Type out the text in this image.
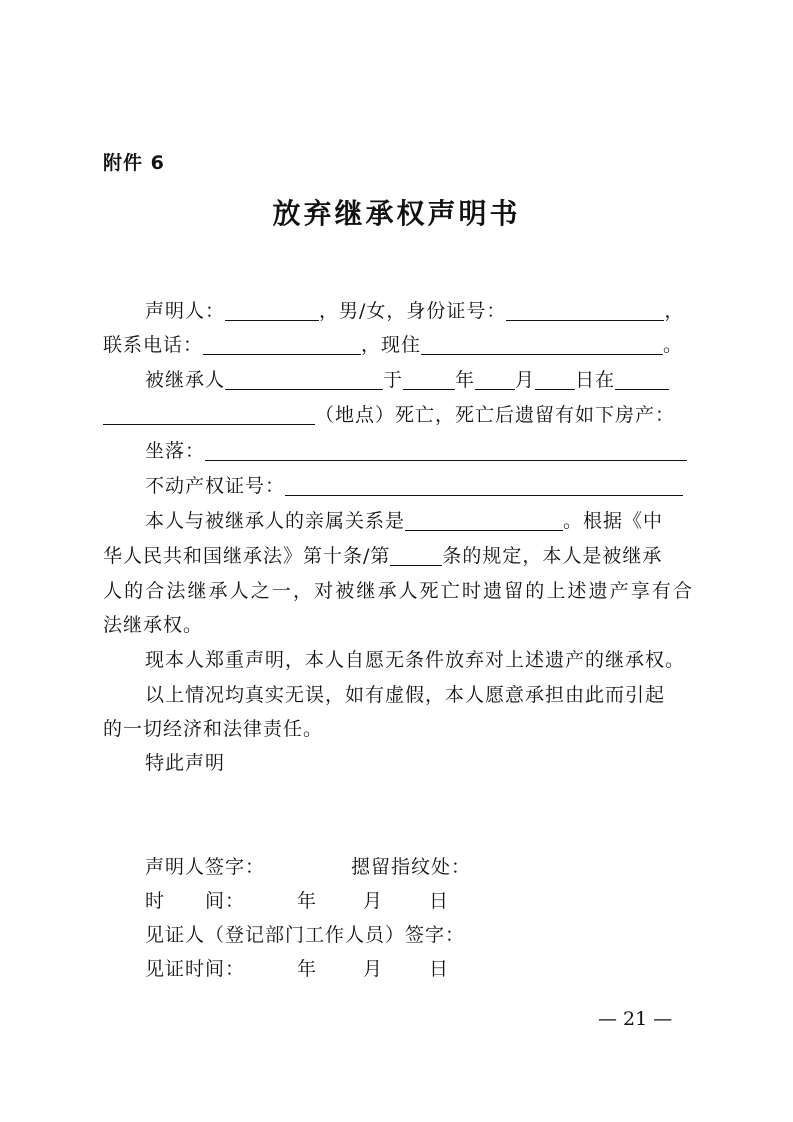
附件 6
放弃继承权声明书
声明人：	，男/女，身份证号：	，
联系电话：	，现住	。
被继承人	于	年 月 日在
（地点）死亡，死亡后遗留有如下房产：
坐落：
不动产权证号：
本人与被继承人的亲属关系是	。根据《中
华人民共和国继承法》第十条/第	条的规定，本人是被继承
人的合法继承人之一，对被继承人死亡时遗留的上述遗产享有合
法继承权。
现本人郑重声明，本人自愿无条件放弃对上述遗产的继承权。
以上情况均真实无误，如有虚假，本人愿意承担由此而引起
的一切经济和法律责任。
特此声明
声明人签字：	摁留指纹处：
时　　间：	年 月 日
见证人（登记部门工作人员）签字：
见证时间：	年 月 日
— 21 —
